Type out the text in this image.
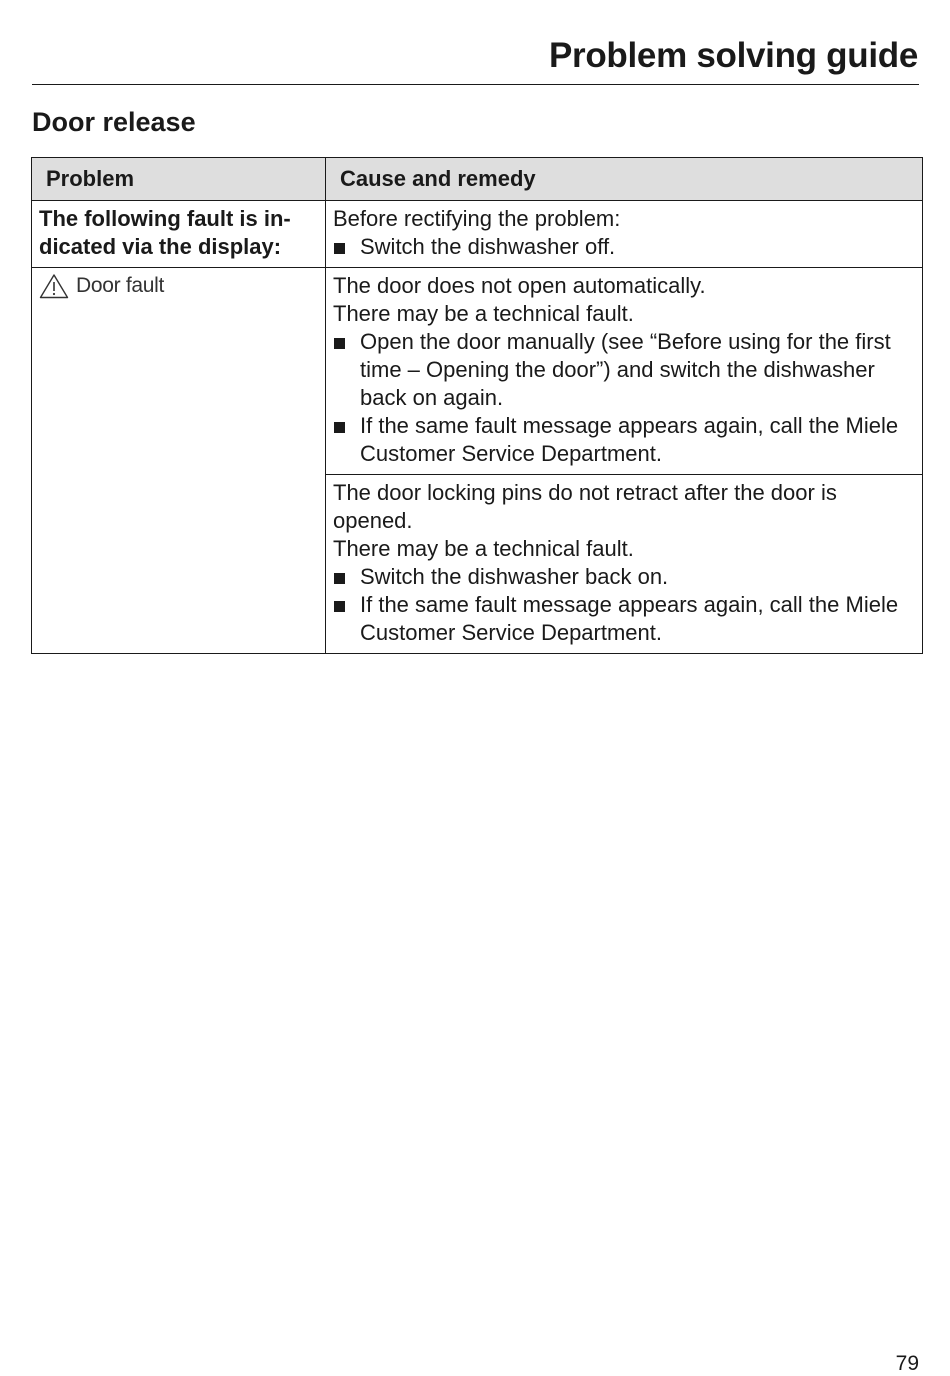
Problem solving guide
Door release
Problem	Cause and remedy
The following fault is in- dicated via the display:	Before rectifying the problem:
Switch the dishwasher off.

Door fault	The door does not open automatically.
There may be a technical fault.
Open the door manually (see “Before using for the first time – Opening the door”) and switch the dishwasher back on again.
If the same fault message appears again, call the Miele Customer Service Department.

	The door locking pins do not retract after the door is opened.
There may be a technical fault.
Switch the dishwasher back on.
If the same fault message appears again, call the Miele Customer Service Department.
79
